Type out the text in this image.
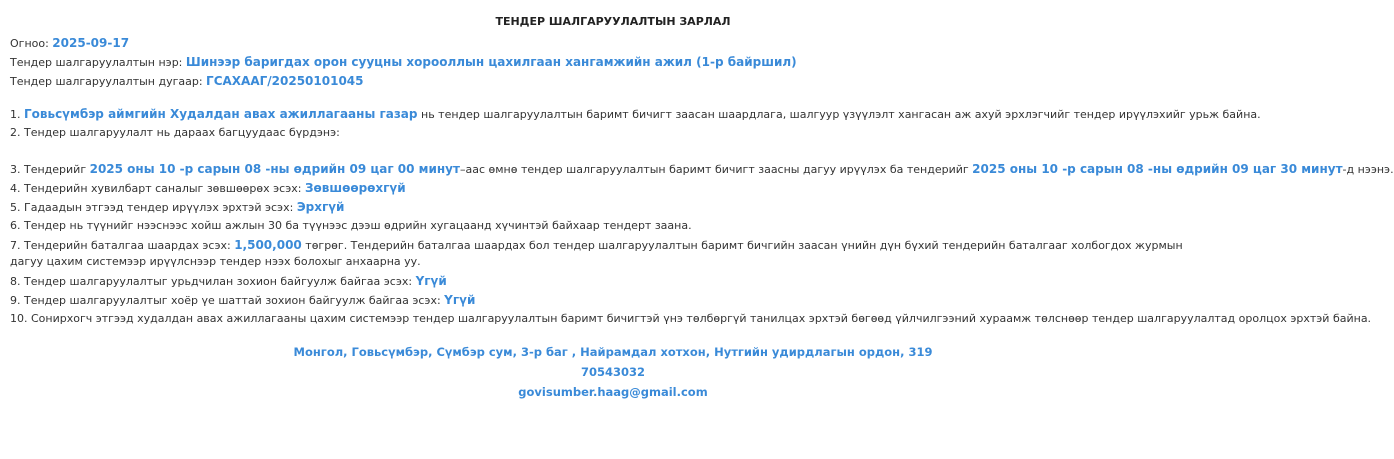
ТЕНДЕР ШАЛГАРУУЛАЛТЫН ЗАРЛАЛ
Огноо: 2025-09-17
Тендер шалгаруулалтын нэр: Шинээр баригдах орон сууцны хорооллын цахилгаан хангамжийн ажил (1-р байршил)
Тендер шалгаруулалтын дугаар: ГСАХААГ/20250101045
1. Говьсүмбэр аймгийн Худалдан авах ажиллагааны газар нь тендер шалгаруулалтын баримт бичигт заасан шаардлага, шалгуур үзүүлэлт хангасан аж ахуй эрхлэгчийг тендер ирүүлэхийг урьж байна.
2. Тендер шалгаруулалт нь дараах багцуудаас бүрдэнэ:
3. Тендерийг 2025 оны 10 -р сарын 08 -ны өдрийн 09 цаг 00 минут–аас өмнө тендер шалгаруулалтын баримт бичигт заасны дагуу ирүүлэх ба тендерийг 2025 оны 10 -р сарын 08 -ны өдрийн 09 цаг 30 минут-д нээнэ.
4. Тендерийн хувилбарт саналыг зөвшөөрөх эсэх: Зөвшөөрөхгүй
5. Гадаадын этгээд тендер ирүүлэх эрхтэй эсэх: Эрхгүй
6. Тендер нь түүнийг нээснээс хойш ажлын 30 ба түүнээс дээш өдрийн хугацаанд хүчинтэй байхаар тендерт заана.
7. Тендерийн баталгаа шаардах эсэх: 1,500,000 төгрөг. Тендерийн баталгаа шаардах бол тендер шалгаруулалтын баримт бичгийн заасан үнийн дүн бүхий тендерийн баталгааг холбогдох журмын дагуу цахим системээр ирүүлснээр тендер нээх болохыг анхаарна уу.
8. Тендер шалгаруулалтыг урьдчилан зохион байгуулж байгаа эсэх: Үгүй
9. Тендер шалгаруулалтыг хоёр үе шаттай зохион байгуулж байгаа эсэх: Үгүй
10. Сонирхогч этгээд худалдан авах ажиллагааны цахим системээр тендер шалгаруулалтын баримт бичигтэй үнэ төлбөргүй танилцах эрхтэй бөгөөд үйлчилгээний хураамж төлснөөр тендер шалгаруулалтад оролцох эрхтэй байна.
Монгол, Говьсүмбэр, Сүмбэр сум, 3-р баг , Найрамдал хотхон, Нутгийн удирдлагын ордон, 319
70543032
govisumber.haag@gmail.com
